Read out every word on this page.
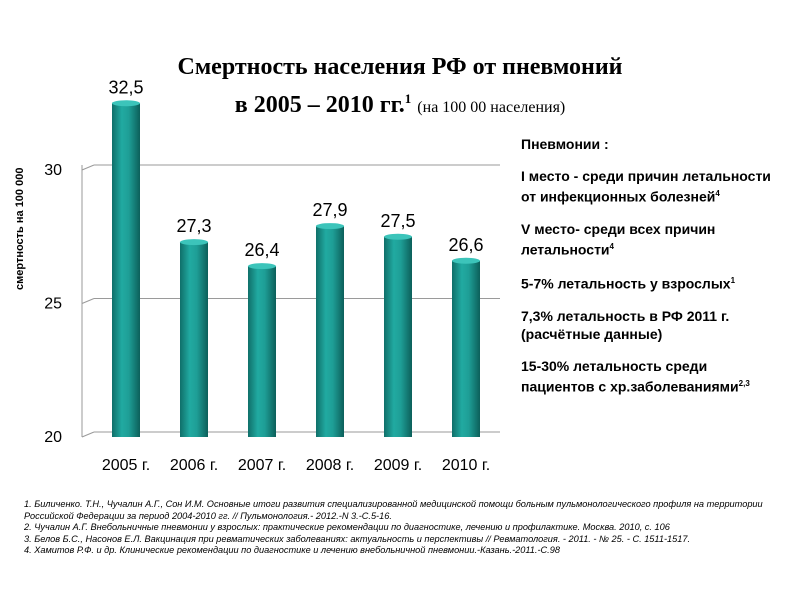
Смертность населения РФ от пневмоний
в 2005 – 2010 гг.$^1$ (на 100 00 населения)
20
25
30
32,5
2005 г.
27,3
2006 г.
26,4
2007 г.
27,9
2008 г.
27,5
2009 г.
26,6
2010 г.
смертность на 100 000
Пневмонии :
I место - среди причин летальности от инфекционных болезней$^4$
V место- среди всех причин летальности$^4$
5-7% летальность у взрослых$^1$
7,3% летальность в РФ 2011 г. (расчётные данные)
15-30% летальность среди пациентов с хр.заболеваниями$^{2,3}$
1. Биличенко. Т.Н., Чучалин А.Г., Сон И.М. Основные итоги развития специализированной медицинской помощи больным пульмонологического профиля на территории Российской Федерации за период 2004-2010 гг. // Пульмонология.- 2012.-N 3.-С.5-16.
2. Чучалин А.Г. Внебольничные пневмонии у взрослых: практические рекомендации по диагностике, лечению и профилактике. Москва. 2010, с. 106
3. Белов Б.С., Насонов Е.Л. Вакцинация при ревматических заболеваниях: актуальность и перспективы // Ревматология. - 2011. - № 25. - С. 1511-1517.
4. Хамитов Р.Ф. и др. Клинические рекомендации по диагностике и лечению внебольничной пневмонии.-Казань.-2011.-С.98
